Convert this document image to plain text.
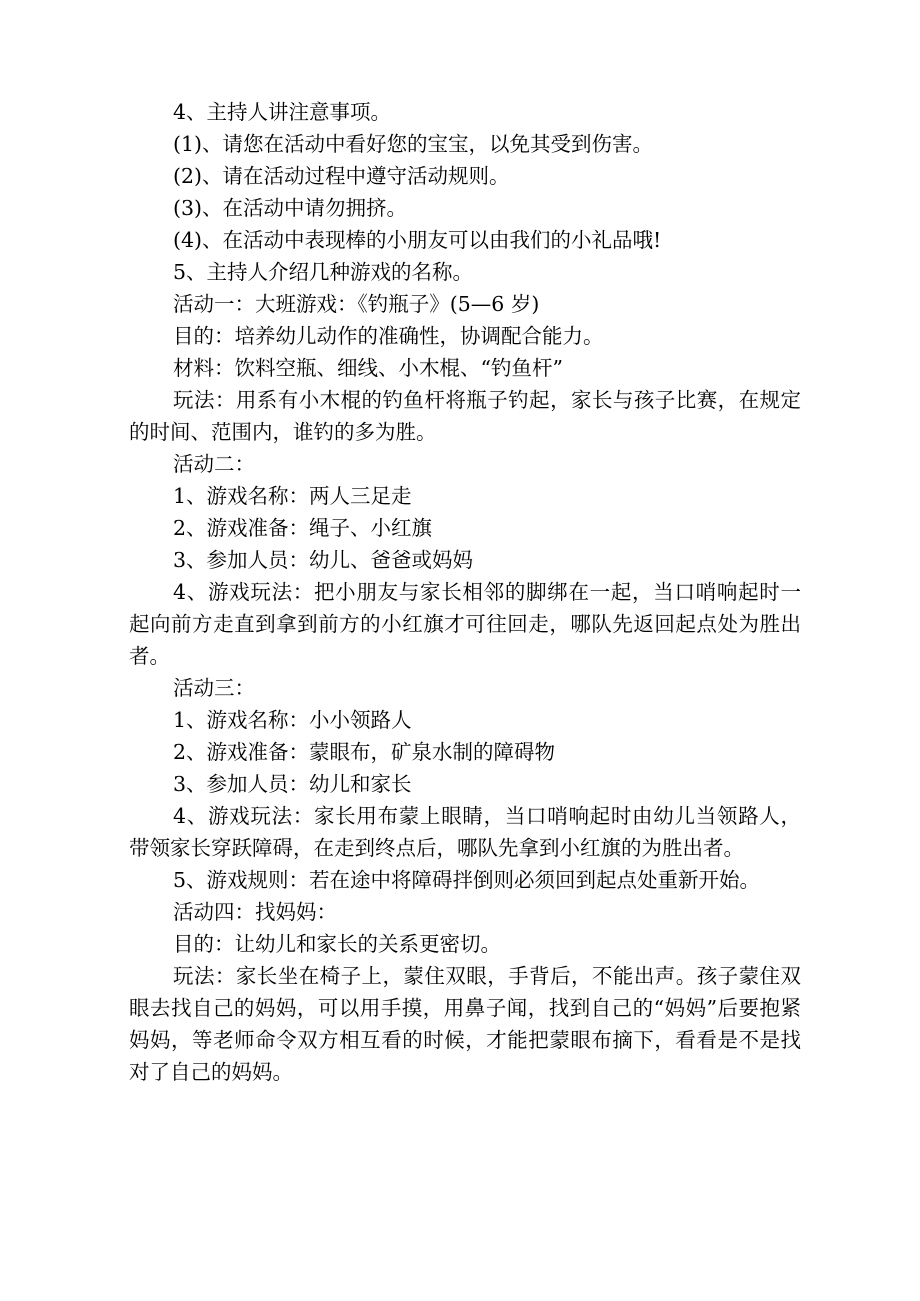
4、主持人讲注意事项。

(1)、请您在活动中看好您的宝宝，以免其受到伤害。

(2)、请在活动过程中遵守活动规则。

(3)、在活动中请勿拥挤。

(4)、在活动中表现棒的小朋友可以由我们的小礼品哦!

5、主持人介绍几种游戏的名称。

活动一：大班游戏：《钓瓶子》(5—6 岁)

目的：培养幼儿动作的准确性，协调配合能力。

材料：饮料空瓶、细线、小木棍、“钓鱼杆”

玩法：用系有小木棍的钓鱼杆将瓶子钓起，家长与孩子比赛，在规定的时间、范围内，谁钓的多为胜。

活动二：

1、游戏名称：两人三足走

2、游戏准备：绳子、小红旗

3、参加人员：幼儿、爸爸或妈妈

4、游戏玩法：把小朋友与家长相邻的脚绑在一起，当口哨响起时一起向前方走直到拿到前方的小红旗才可往回走，哪队先返回起点处为胜出者。

活动三：

1、游戏名称：小小领路人

2、游戏准备：蒙眼布，矿泉水制的障碍物

3、参加人员：幼儿和家长

4、游戏玩法：家长用布蒙上眼睛，当口哨响起时由幼儿当领路人，带领家长穿跃障碍，在走到终点后，哪队先拿到小红旗的为胜出者。

5、游戏规则：若在途中将障碍拌倒则必须回到起点处重新开始。

活动四：找妈妈：

目的：让幼儿和家长的关系更密切。

玩法：家长坐在椅子上，蒙住双眼，手背后，不能出声。孩子蒙住双眼去找自己的妈妈，可以用手摸，用鼻子闻，找到自己的“妈妈”后要抱紧妈妈，等老师命令双方相互看的时候，才能把蒙眼布摘下，看看是不是找对了自己的妈妈。
